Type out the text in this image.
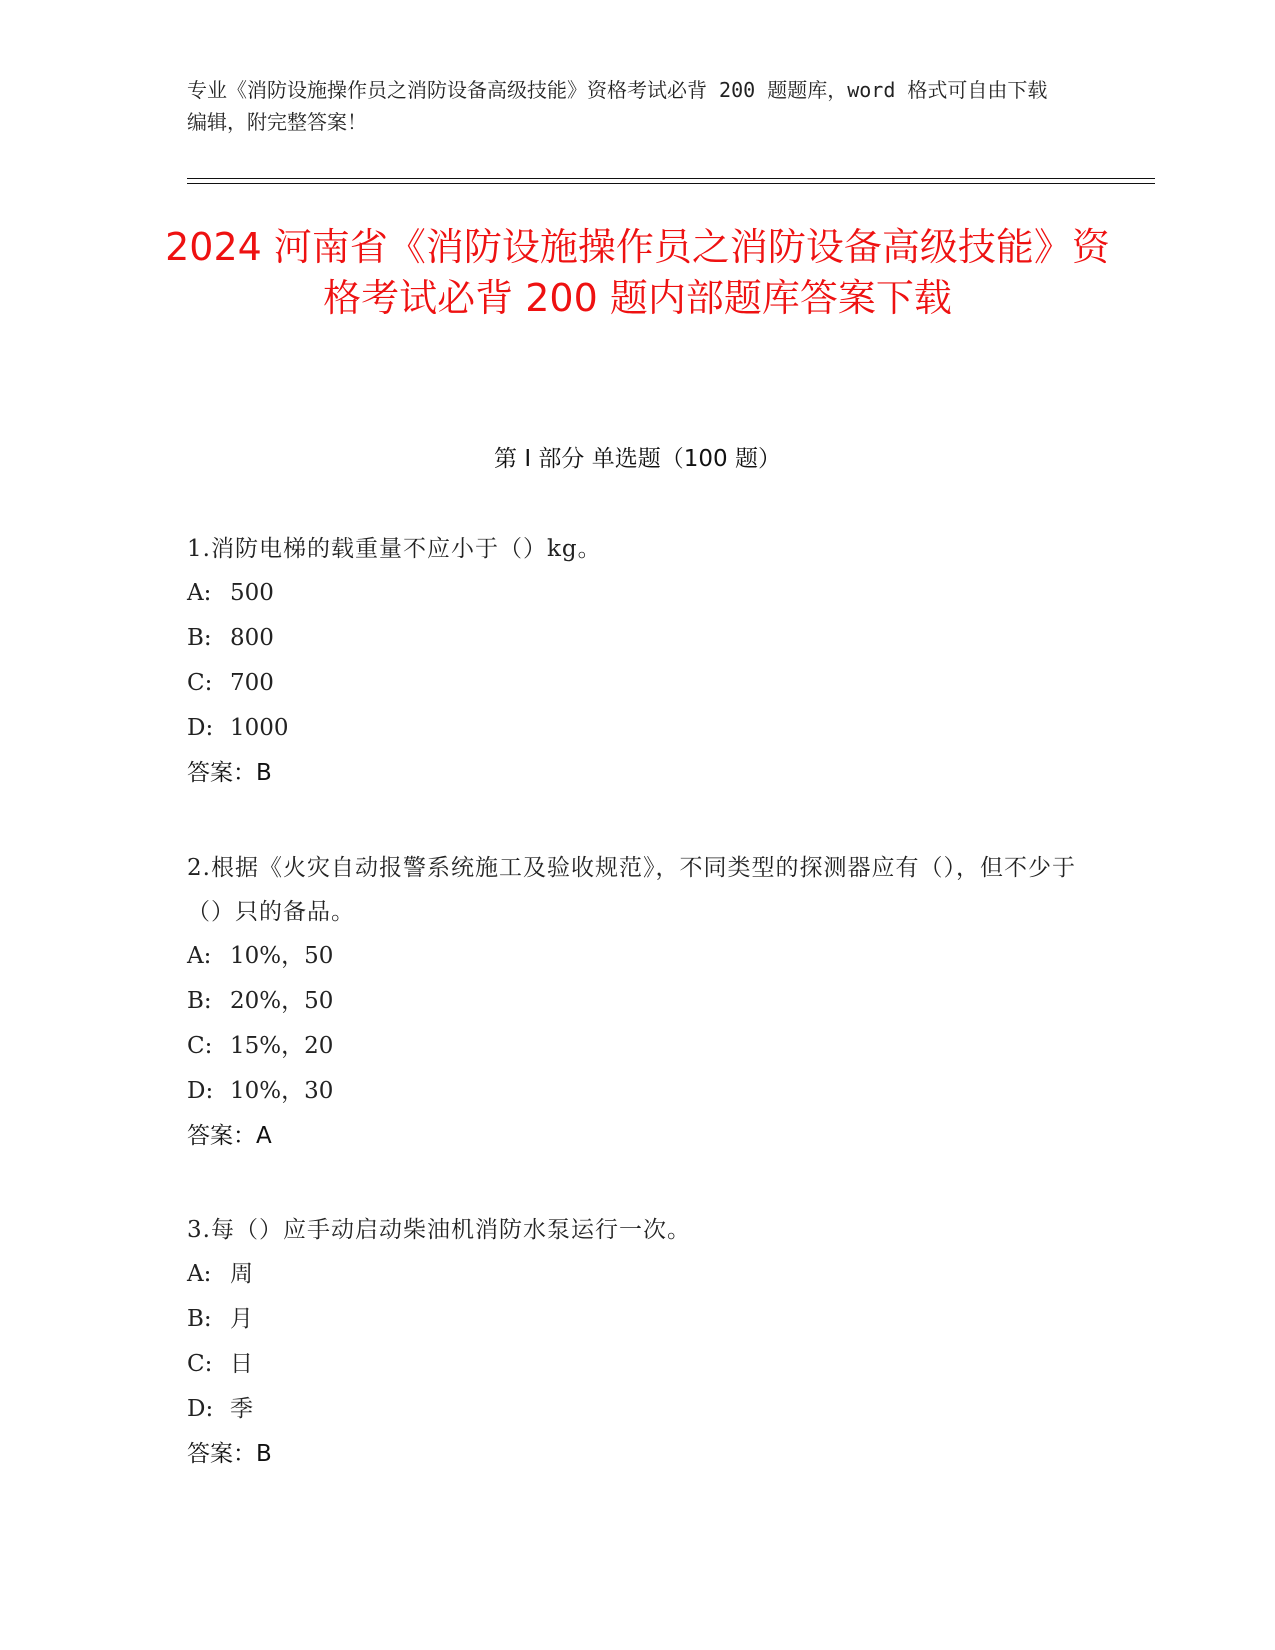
专业《消防设施操作员之消防设备高级技能》资格考试必背 200 题题库，word 格式可自由下载编辑，附完整答案！
2024 河南省《消防设施操作员之消防设备高级技能》资格考试必背 200 题内部题库答案下载
第 I 部分 单选题（100 题）
1.消防电梯的载重量不应小于（）kg。
A: 500
B: 800
C: 700
D: 1000
答案：B
2.根据《火灾自动报警系统施工及验收规范》，不同类型的探测器应有（），但不少于（）只的备品。
A: 10%，50
B: 20%，50
C: 15%，20
D: 10%，30
答案：A
3.每（）应手动启动柴油机消防水泵运行一次。
A: 周
B: 月
C: 日
D: 季
答案：B
